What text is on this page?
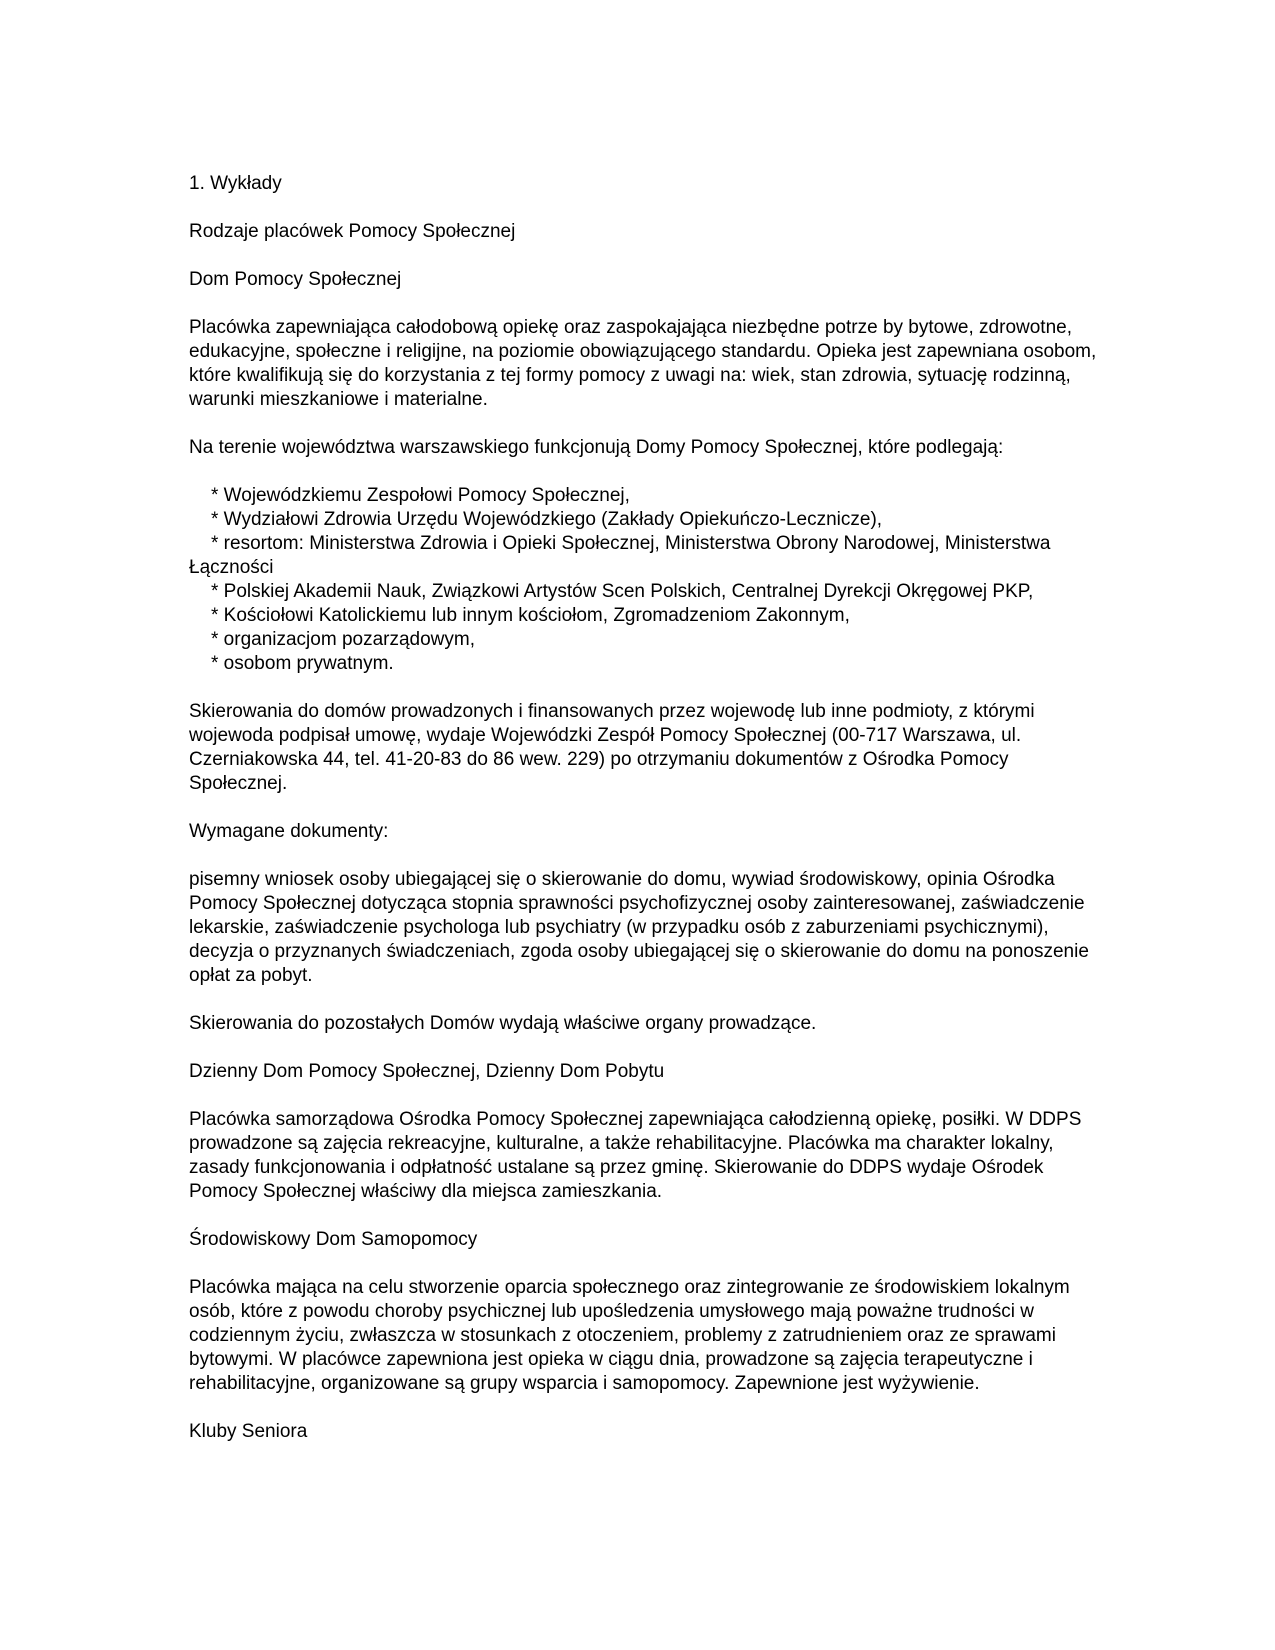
1. Wykłady

Rodzaje placówek Pomocy Społecznej

Dom Pomocy Społecznej

Placówka zapewniająca całodobową opiekę oraz zaspokajająca niezbędne potrze by bytowe, zdrowotne, edukacyjne, społeczne i religijne, na poziomie obowiązującego standardu. Opieka jest zapewniana osobom, które kwalifikują się do korzystania z tej formy pomocy z uwagi na: wiek, stan zdrowia, sytuację rodzinną, warunki mieszkaniowe i materialne.

Na terenie województwa warszawskiego funkcjonują Domy Pomocy Społecznej, które podlegają:

* Wojewódzkiemu Zespołowi Pomocy Społecznej,

* Wydziałowi Zdrowia Urzędu Wojewódzkiego (Zakłady Opiekuńczo-Lecznicze),

* resortom: Ministerstwa Zdrowia i Opieki Społecznej, Ministerstwa Obrony Narodowej, Ministerstwa Łączności

* Polskiej Akademii Nauk, Związkowi Artystów Scen Polskich, Centralnej Dyrekcji Okręgowej PKP,

* Kościołowi Katolickiemu lub innym kościołom, Zgromadzeniom Zakonnym,

* organizacjom pozarządowym,

* osobom prywatnym.

Skierowania do domów prowadzonych i finansowanych przez wojewodę lub inne podmioty, z którymi wojewoda podpisał umowę, wydaje Wojewódzki Zespół Pomocy Społecznej (00-717 Warszawa, ul. Czerniakowska 44, tel. 41-20-83 do 86 wew. 229) po otrzymaniu dokumentów z Ośrodka Pomocy Społecznej.

Wymagane dokumenty:

pisemny wniosek osoby ubiegającej się o skierowanie do domu, wywiad środowiskowy, opinia Ośrodka Pomocy Społecznej dotycząca stopnia sprawności psychofizycznej osoby zainteresowanej, zaświadczenie lekarskie, zaświadczenie psychologa lub psychiatry (w przypadku osób z zaburzeniami psychicznymi), decyzja o przyznanych świadczeniach, zgoda osoby ubiegającej się o skierowanie do domu na ponoszenie opłat za pobyt.

Skierowania do pozostałych Domów wydają właściwe organy prowadzące.

Dzienny Dom Pomocy Społecznej, Dzienny Dom Pobytu

Placówka samorządowa Ośrodka Pomocy Społecznej zapewniająca całodzienną opiekę, posiłki. W DDPS prowadzone są zajęcia rekreacyjne, kulturalne, a także rehabilitacyjne. Placówka ma charakter lokalny, zasady funkcjonowania i odpłatność ustalane są przez gminę. Skierowanie do DDPS wydaje Ośrodek Pomocy Społecznej właściwy dla miejsca zamieszkania.

Środowiskowy Dom Samopomocy

Placówka mająca na celu stworzenie oparcia społecznego oraz zintegrowanie ze środowiskiem lokalnym osób, które z powodu choroby psychicznej lub upośledzenia umysłowego mają poważne trudności w codziennym życiu, zwłaszcza w stosunkach z otoczeniem, problemy z zatrudnieniem oraz ze sprawami bytowymi. W placówce zapewniona jest opieka w ciągu dnia, prowadzone są zajęcia terapeutyczne i rehabilitacyjne, organizowane są grupy wsparcia i samopomocy. Zapewnione jest wyżywienie.

Kluby Seniora
